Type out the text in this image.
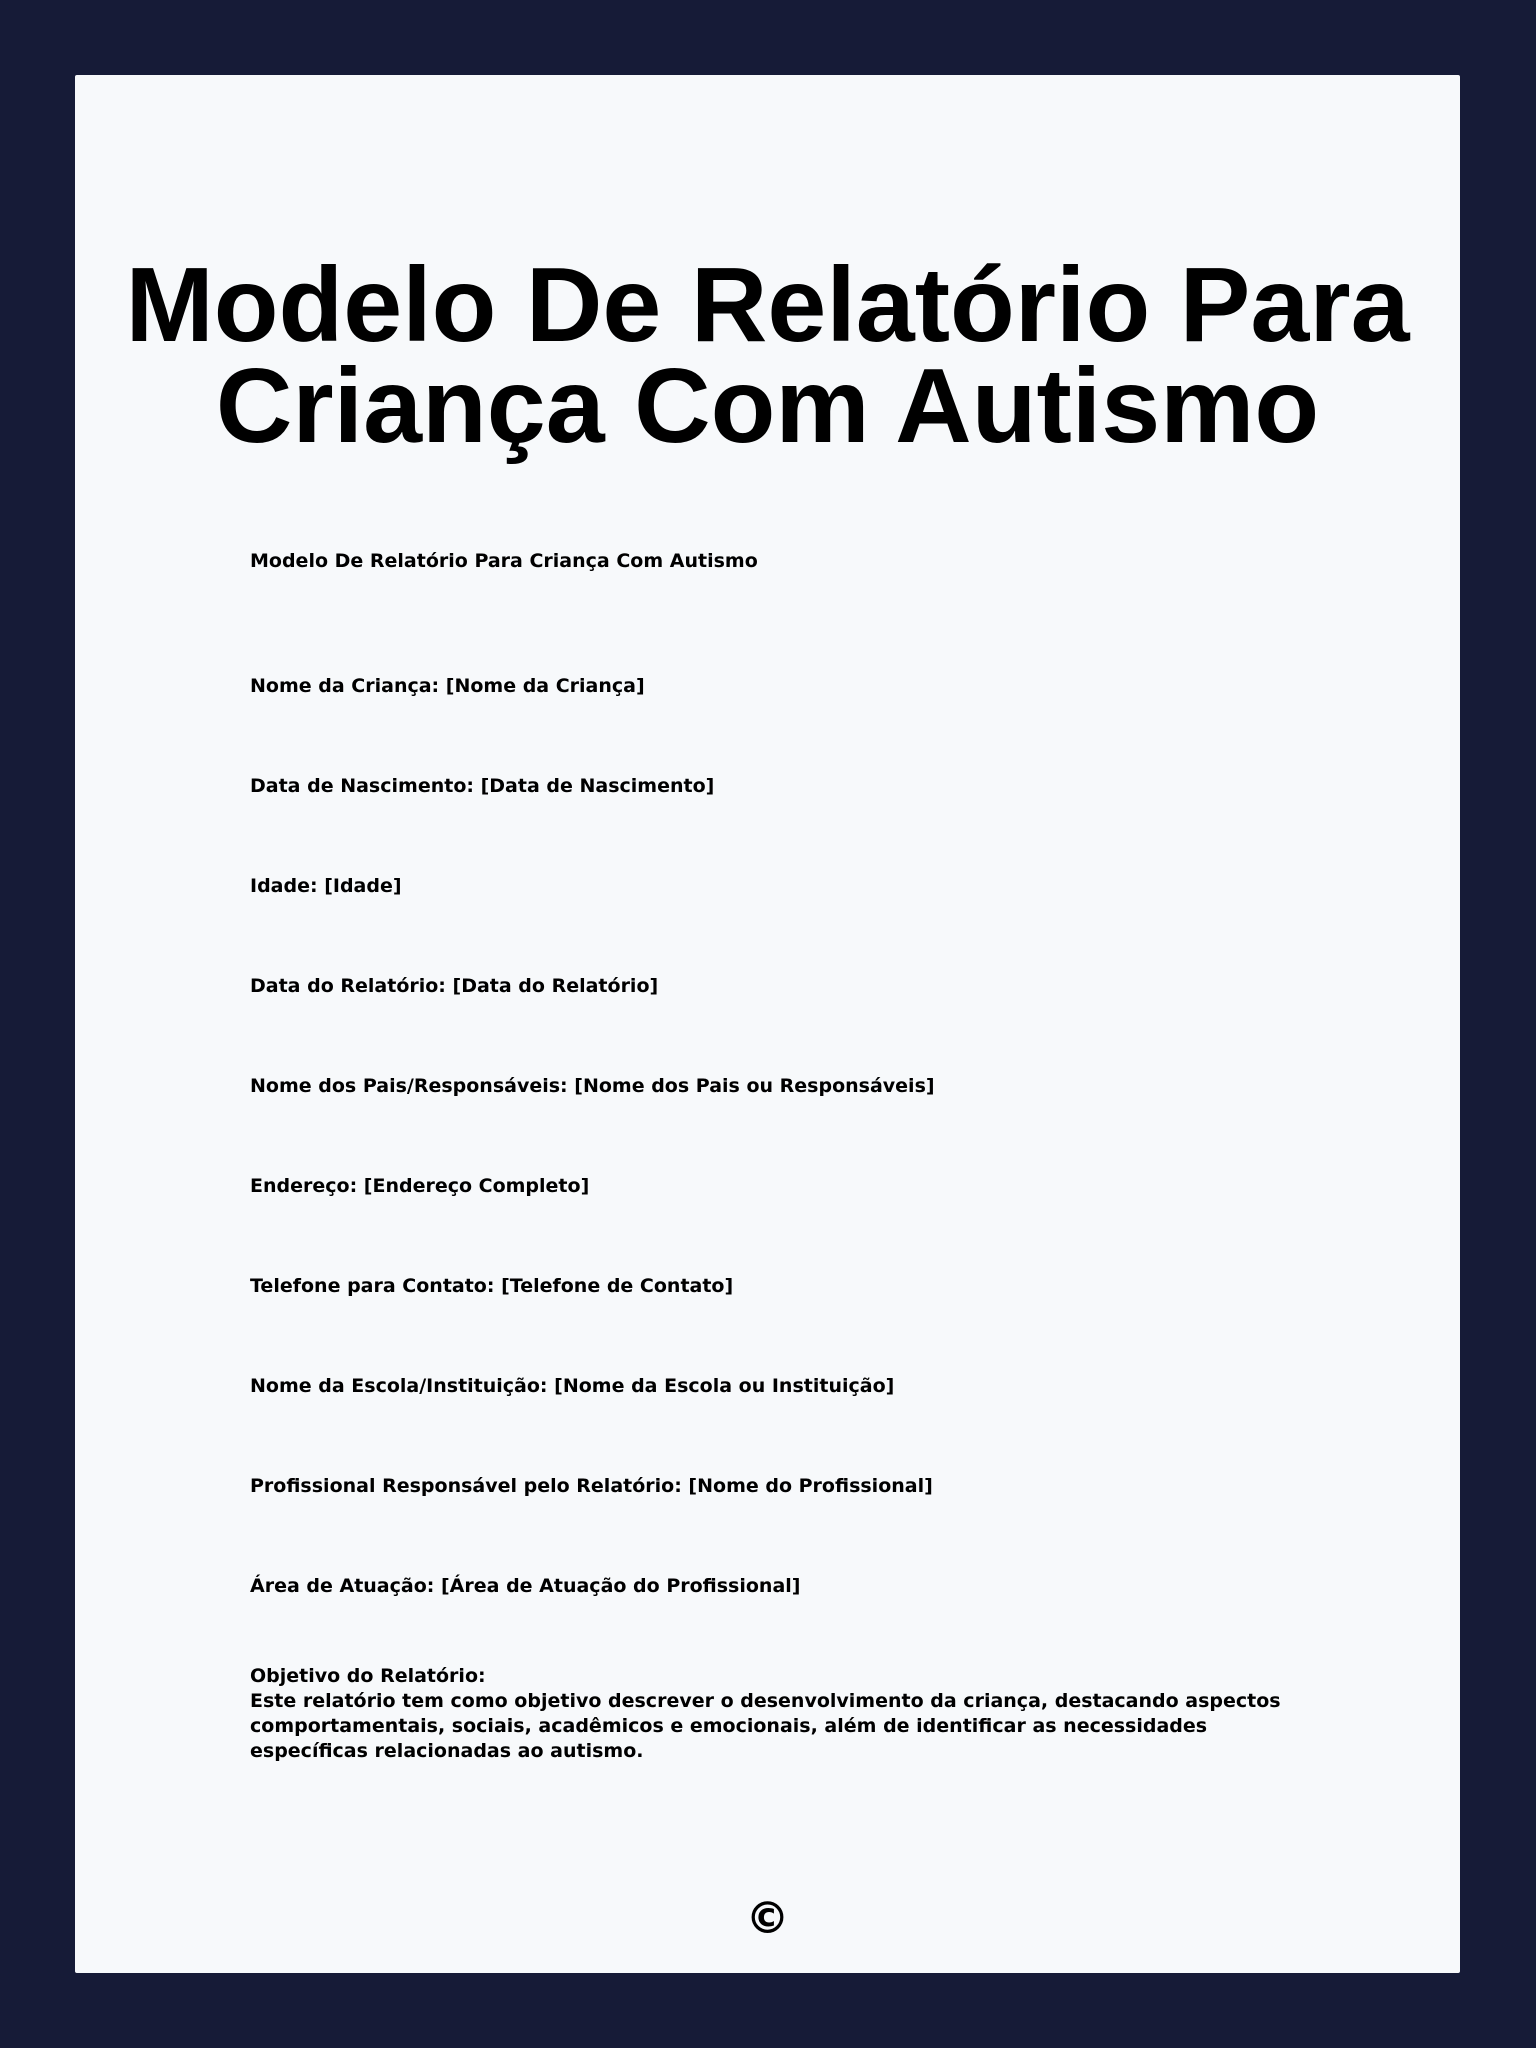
Modelo De Relatório Para Criança Com Autismo

Modelo De Relatório Para Criança Com Autismo

Nome da Criança: [Nome da Criança]
Data de Nascimento: [Data de Nascimento]
Idade: [Idade]
Data do Relatório: [Data do Relatório]
Nome dos Pais/Responsáveis: [Nome dos Pais ou Responsáveis]
Endereço: [Endereço Completo]
Telefone para Contato: [Telefone de Contato]
Nome da Escola/Instituição: [Nome da Escola ou Instituição]
Profissional Responsável pelo Relatório: [Nome do Profissional]
Área de Atuação: [Área de Atuação do Profissional]
Objetivo do Relatório:
Este relatório tem como objetivo descrever o desenvolvimento da criança, destacando aspectos comportamentais, sociais, acadêmicos e emocionais, além de identificar as necessidades específicas relacionadas ao autismo.
©
